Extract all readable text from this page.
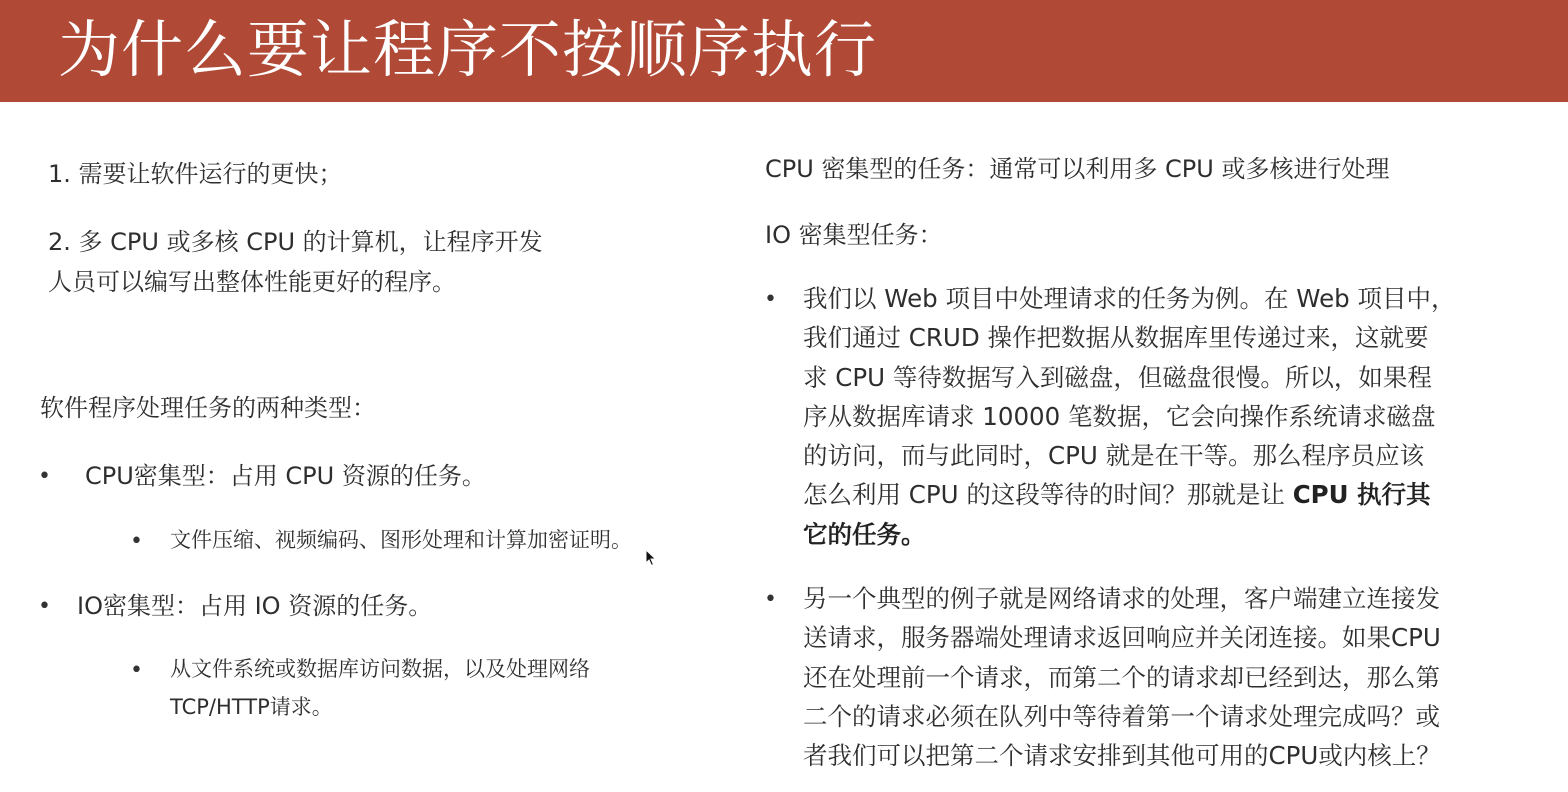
为什么要让程序不按顺序执行
1. 需要让软件运行的更快；
2. 多 CPU 或多核 CPU 的计算机，让程序开发
人员可以编写出整体性能更好的程序。
软件程序处理任务的两种类型：
• CPU密集型：占用 CPU 资源的任务。
• 文件压缩、视频编码、图形处理和计算加密证明。
• IO密集型：占用 IO 资源的任务。
• 从文件系统或数据库访问数据，以及处理网络
TCP/HTTP请求。
CPU 密集型的任务：通常可以利用多 CPU 或多核进行处理
IO 密集型任务：
• 我们以 Web 项目中处理请求的任务为例。在 Web 项目中，
我们通过 CRUD 操作把数据从数据库里传递过来，这就要
求 CPU 等待数据写入到磁盘，但磁盘很慢。所以，如果程
序从数据库请求 10000 笔数据，它会向操作系统请求磁盘
的访问，而与此同时，CPU 就是在干等。那么程序员应该
怎么利用 CPU 的这段等待的时间？那就是让 CPU 执行其
它的任务。
• 另一个典型的例子就是网络请求的处理，客户端建立连接发
送请求，服务器端处理请求返回响应并关闭连接。如果CPU
还在处理前一个请求，而第二个的请求却已经到达，那么第
二个的请求必须在队列中等待着第一个请求处理完成吗？或
者我们可以把第二个请求安排到其他可用的CPU或内核上？
